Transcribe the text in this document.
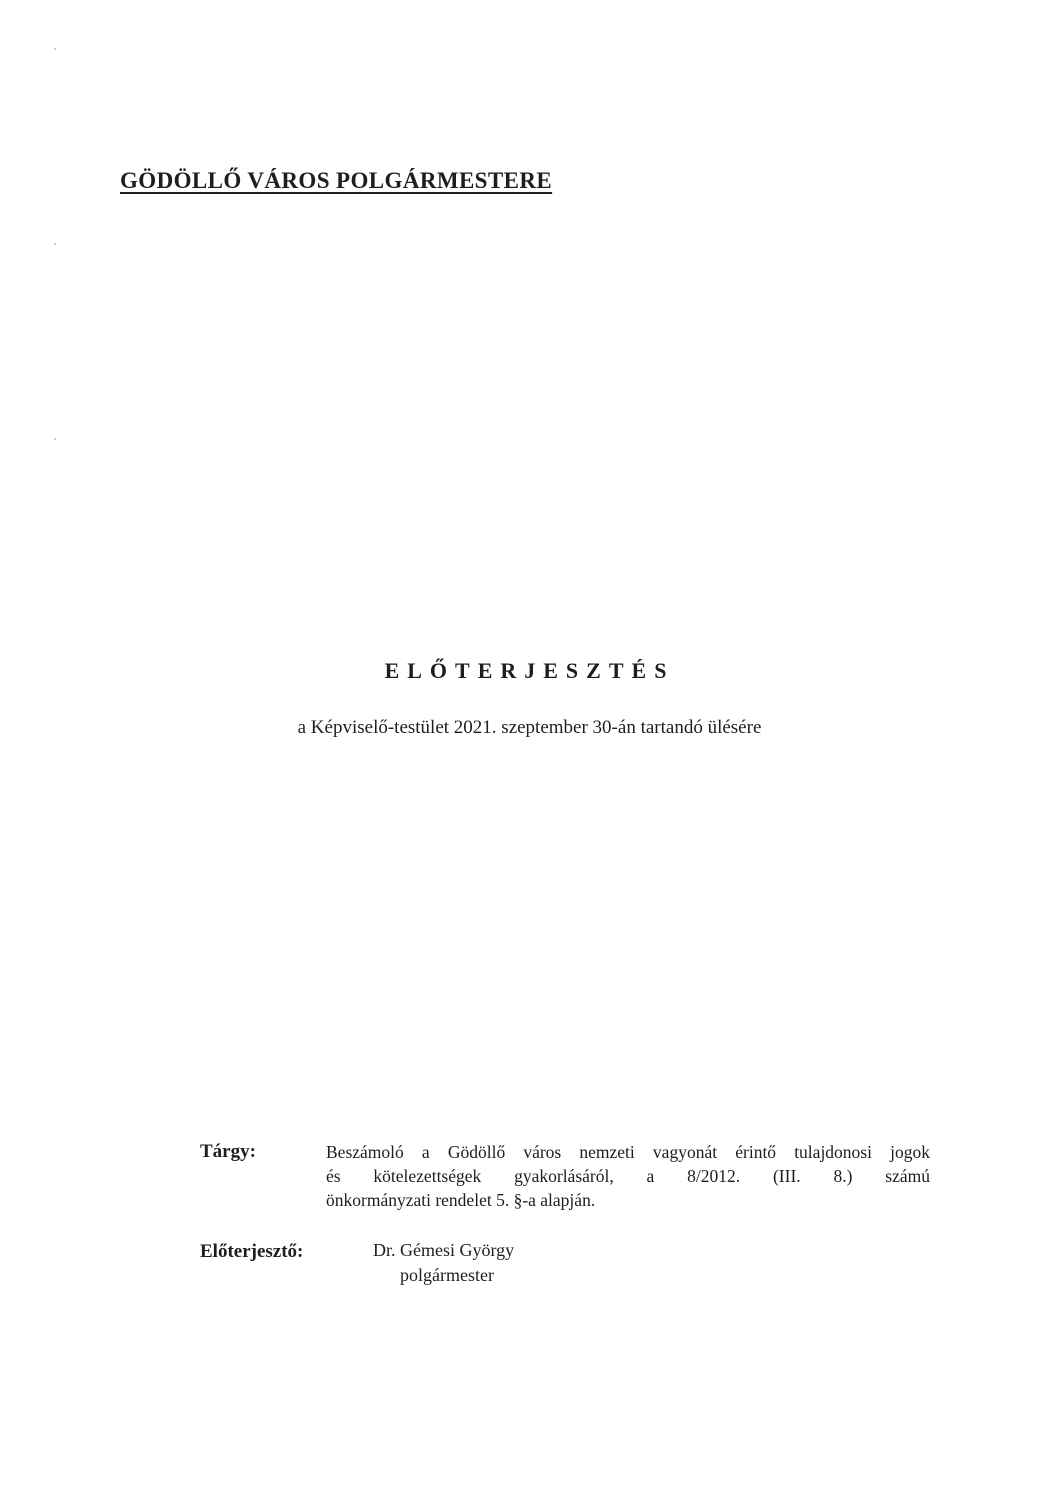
GÖDÖLLŐ VÁROS POLGÁRMESTERE
ELŐTERJESZTÉS
a Képviselő-testület 2021. szeptember 30-án tartandó ülésére
Tárgy:	Beszámoló a Gödöllő város nemzeti vagyonát érintő tulajdonosi jogok
és kötelezettségek gyakorlásáról, a 8/2012. (III. 8.) számú
önkormányzati rendelet 5. §-a alapján.
Előterjesztő:	Dr. Gémesi György
polgármester
